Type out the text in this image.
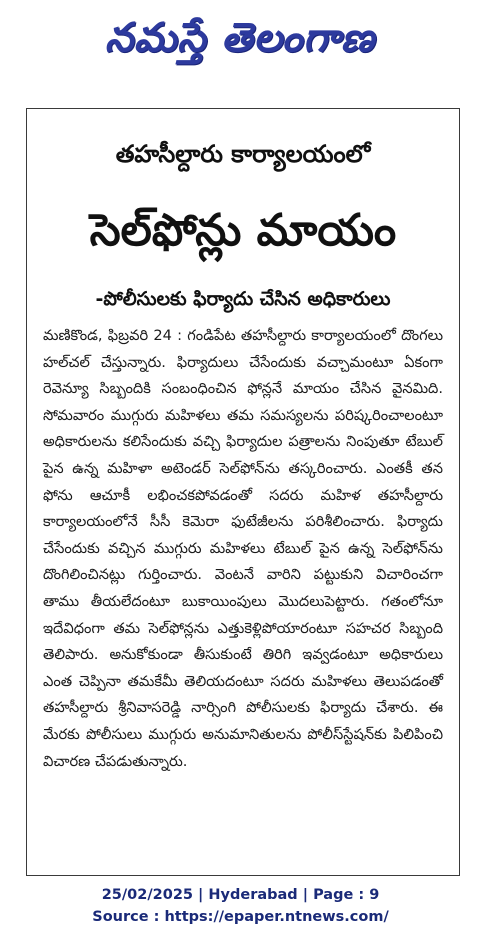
నమస్తే తెలంగాణ
తహసీల్దారు కార్యాలయంలో
సెల్‌ఫోన్లు మాయం
-పోలీసులకు ఫిర్యాదు చేసిన అధికారులు

మణికొండ, ఫిబ్రవరి 24 : గండిపేట తహసీల్దారు కార్యాలయంలో దొంగలు హల్‌చల్ చేస్తున్నారు. ఫిర్యాదులు చేసేందుకు వచ్చామంటూ ఏకంగా రెవెన్యూ సిబ్బందికి సంబంధించిన ఫోన్లనే మాయం చేసిన వైనమిది. సోమవారం ముగ్గురు మహిళలు తమ సమస్యలను పరిష్కరించాలంటూ అధికారులను కలిసేందుకు వచ్చి ఫిర్యాదుల పత్రాలను నింపుతూ టేబుల్ పైన ఉన్న మహిళా అటెండర్ సెల్‌ఫోన్‌ను తస్కరించారు. ఎంతకీ తన ఫోను ఆచూకీ లభించకపోవడంతో సదరు మహిళ తహసీల్దారు కార్యాలయంలోనే సీసీ కెమెరా ఫుటేజీలను పరిశీలించారు. ఫిర్యాదు చేసేందుకు వచ్చిన ముగ్గురు మహిళలు టేబుల్ పైన ఉన్న సెల్‌ఫోన్‌ను దొంగిలించినట్లు గుర్తించారు. వెంటనే వారిని పట్టుకుని విచారించగా తాము తీయలేదంటూ బుకాయింపులు మొదలుపెట్టారు. గతంలోనూ ఇదేవిధంగా తమ సెల్‌ఫోన్లను ఎత్తుకెళ్లిపోయారంటూ సహచర సిబ్బంది తెలిపారు. అనుకోకుండా తీసుకుంటే తిరిగి ఇవ్వడంటూ అధికారులు ఎంత చెప్పినా తమకేమీ తెలియదంటూ సదరు మహిళలు తెలుపడంతో తహసీల్దారు శ్రీనివాసరెడ్డి నార్సింగి పోలీసులకు ఫిర్యాదు చేశారు. ఈ మేరకు పోలీసులు ముగ్గురు అనుమానితులను పోలీస్‌స్టేషన్‌కు పిలిపించి విచారణ చేపడుతున్నారు.

25/02/2025 | Hyderabad | Page : 9
Source : https://epaper.ntnews.com/
